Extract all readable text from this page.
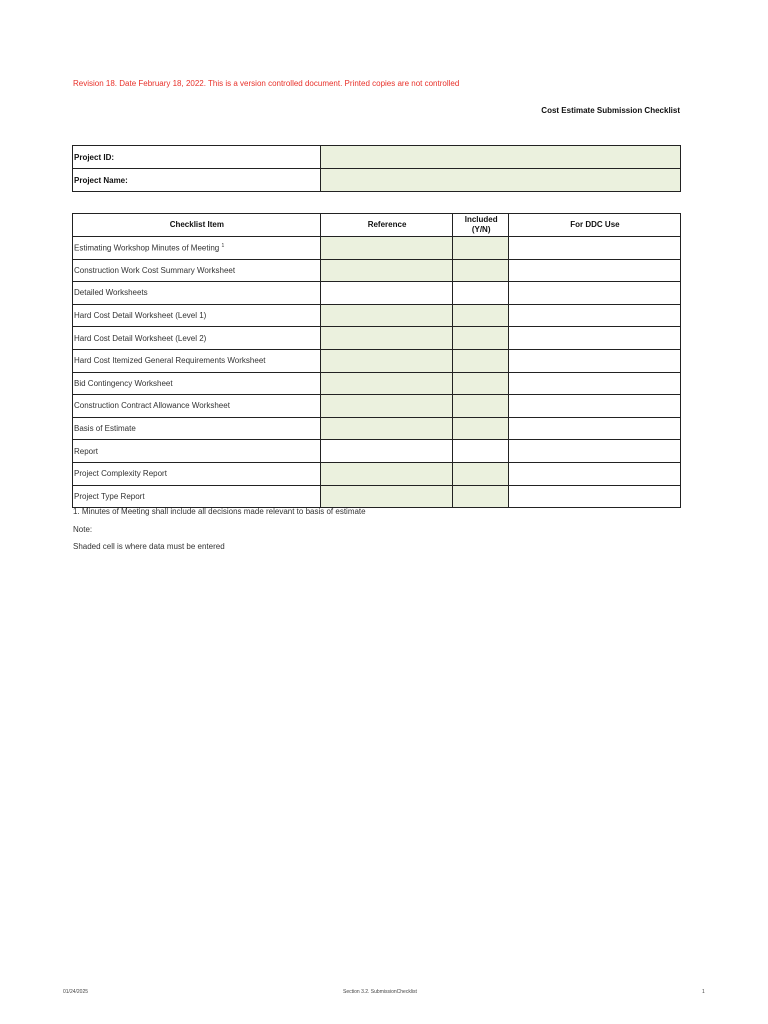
Revision 18. Date February 18, 2022. This is a version controlled document. Printed copies are not controlled
Cost Estimate Submission Checklist
Project ID:	
Project Name:	
Checklist Item	Reference	Included (Y/N)	For DDC Use
Estimating Workshop Minutes of Meeting $^1$			
Construction Work Cost Summary Worksheet			
Detailed Worksheets			
Hard Cost Detail Worksheet (Level 1)			
Hard Cost Detail Worksheet (Level 2)			
Hard Cost Itemized General Requirements Worksheet			
Bid Contingency Worksheet			
Construction Contract Allowance Worksheet			
Basis of Estimate			
Report			
Project Complexity Report			
Project Type Report			
1. Minutes of Meeting shall include all decisions made relevant to basis of estimate
Note:
Shaded cell is where data must be entered
01/24/2025	Section 3.2. SubmissionChecklist	1
